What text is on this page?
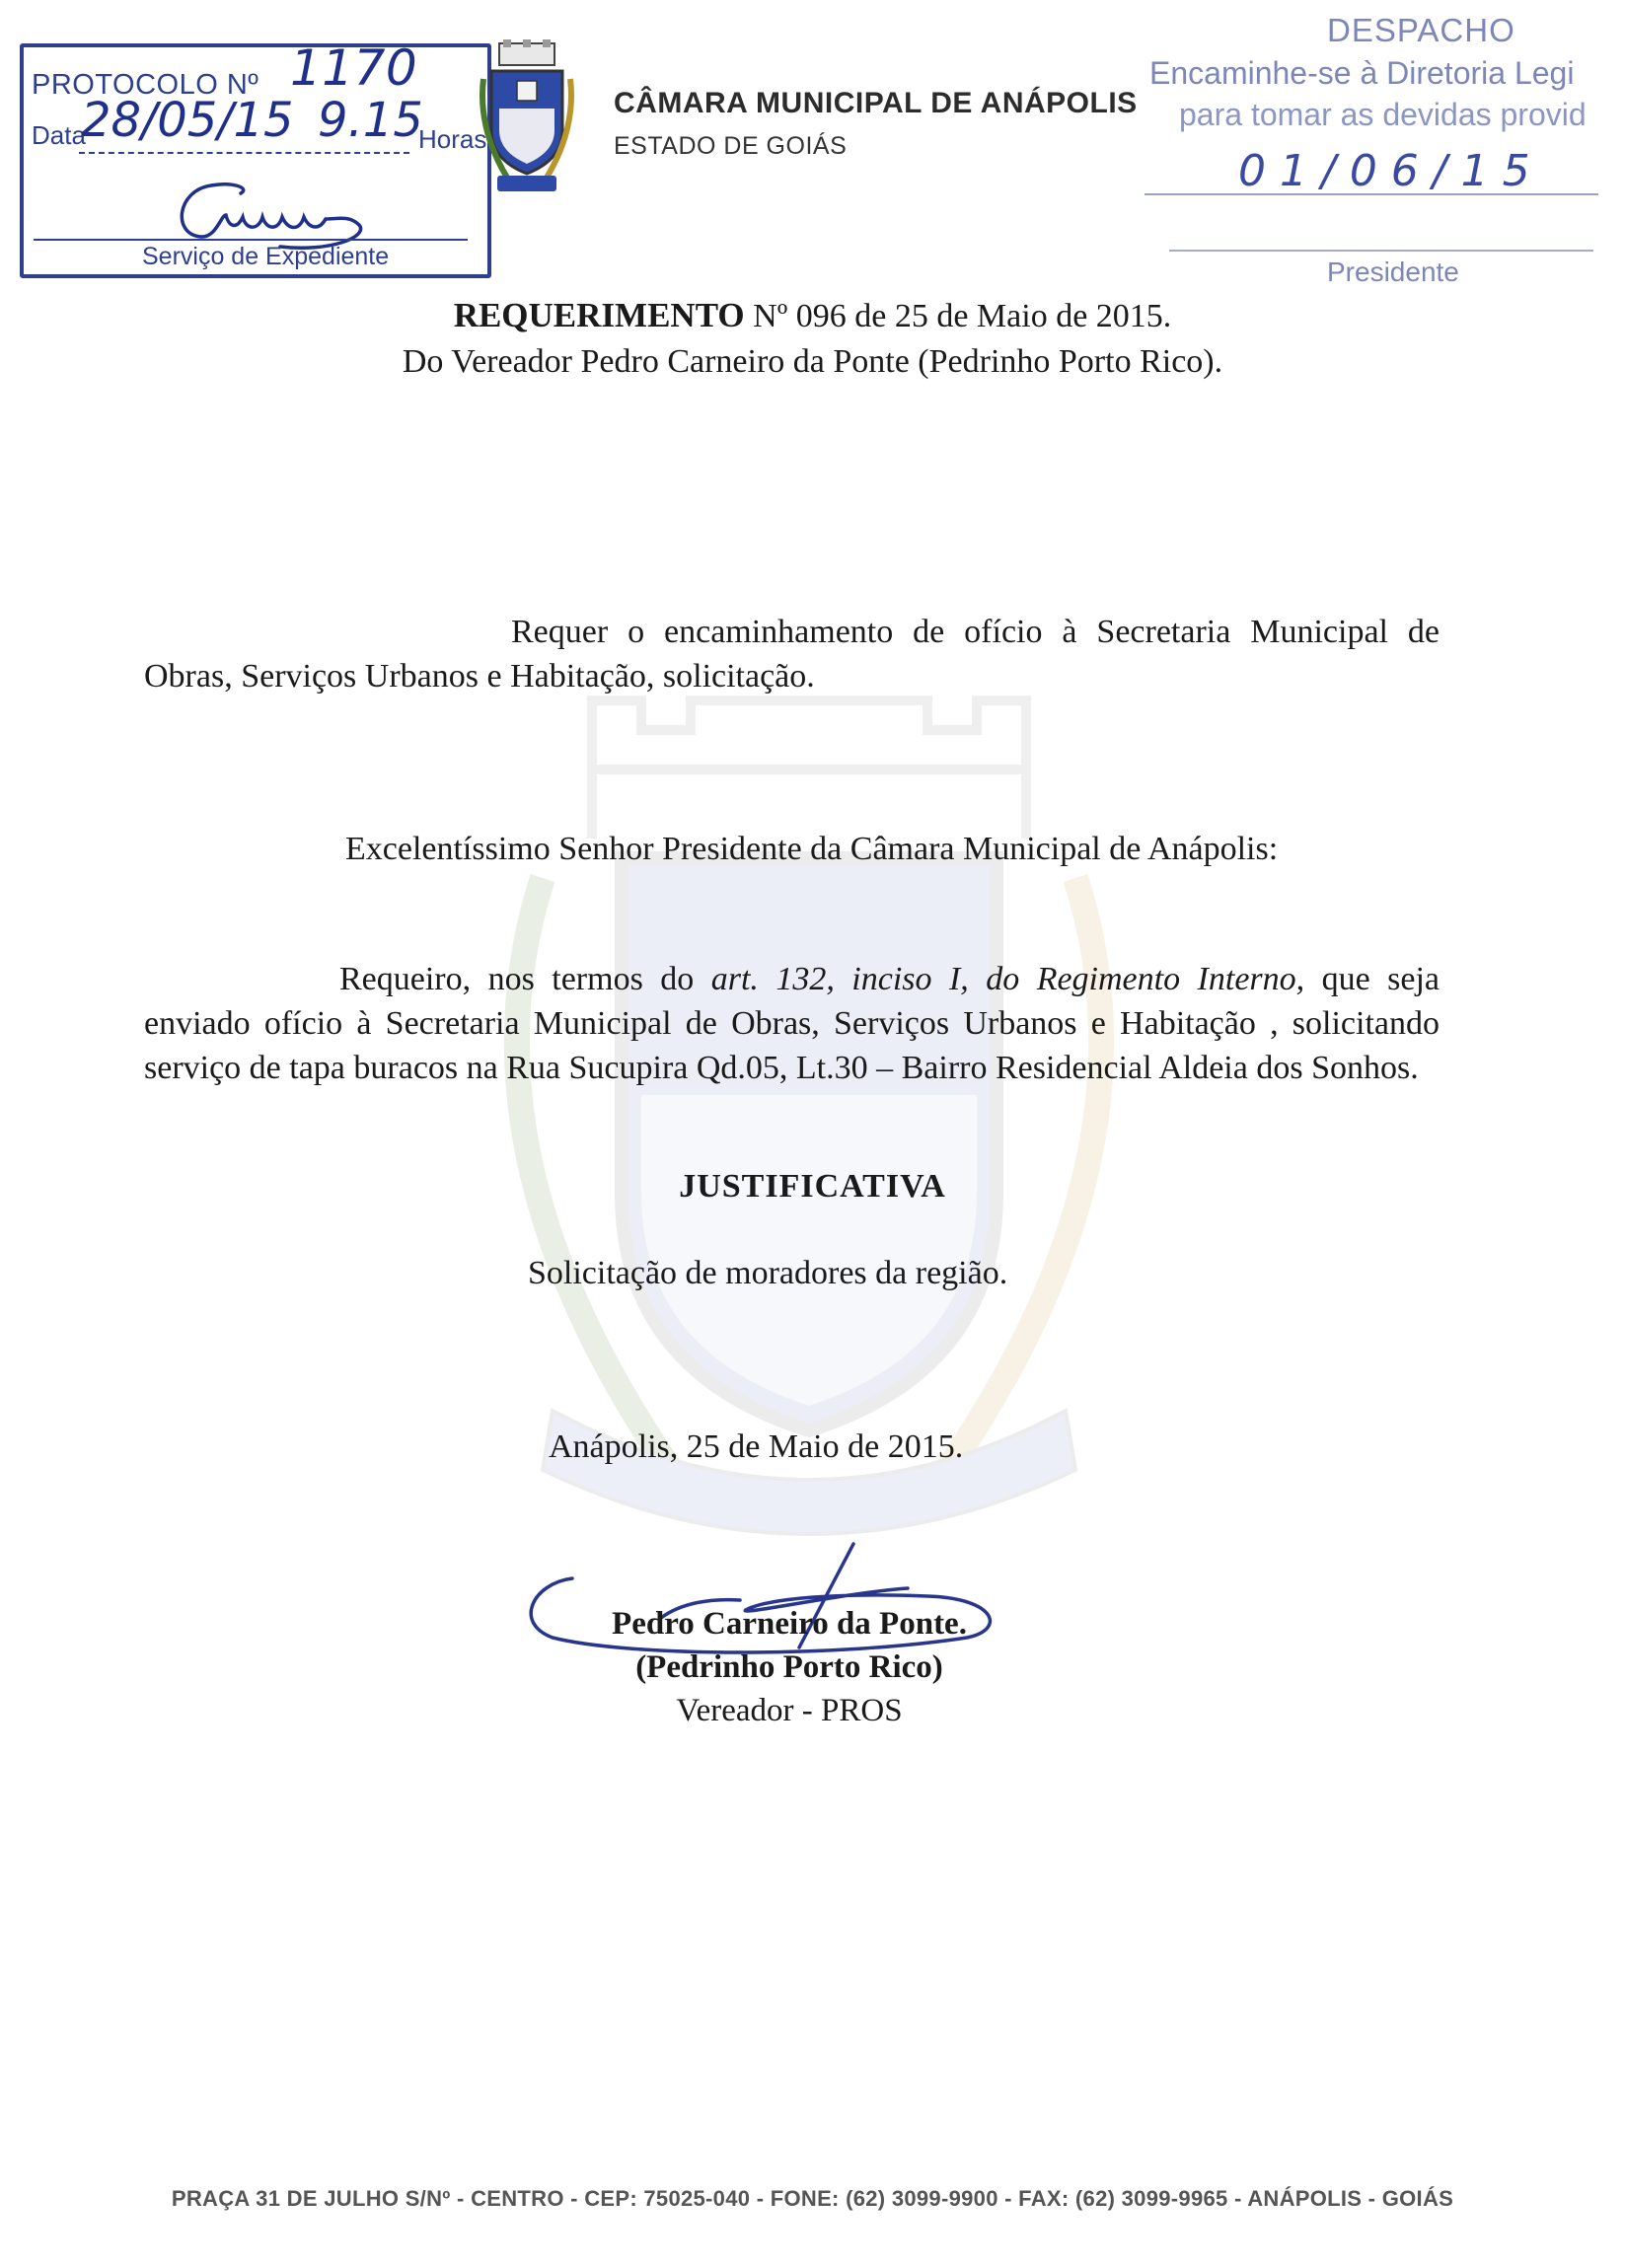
PROTOCOLO Nº 1170
Data
28/05/15 9.15
Horas
Serviço de Expediente
CÂMARA MUNICIPAL DE ANÁPOLIS
ESTADO DE GOIÁS
DESPACHO
Encaminhe-se à Diretoria Legi
para tomar as devidas provid
01/06/15
Presidente
REQUERIMENTO Nº 096 de 25 de Maio de 2015.
Do Vereador Pedro Carneiro da Ponte (Pedrinho Porto Rico).
Requer o encaminhamento de ofício à Secretaria Municipal de Obras, Serviços Urbanos e Habitação, solicitação.
Excelentíssimo Senhor Presidente da Câmara Municipal de Anápolis:
Requeiro, nos termos do art. 132, inciso I, do Regimento Interno, que seja enviado ofício à Secretaria Municipal de Obras, Serviços Urbanos e Habitação , solicitando serviço de tapa buracos na Rua Sucupira Qd.05, Lt.30 – Bairro Residencial Aldeia dos Sonhos.
JUSTIFICATIVA
Solicitação de moradores da região.
Anápolis, 25 de Maio de 2015.
Pedro Carneiro da Ponte.
(Pedrinho Porto Rico)
Vereador - PROS
PRAÇA 31 DE JULHO S/Nº - CENTRO - CEP: 75025-040 - FONE: (62) 3099-9900 - FAX: (62) 3099-9965 - ANÁPOLIS - GOIÁS
